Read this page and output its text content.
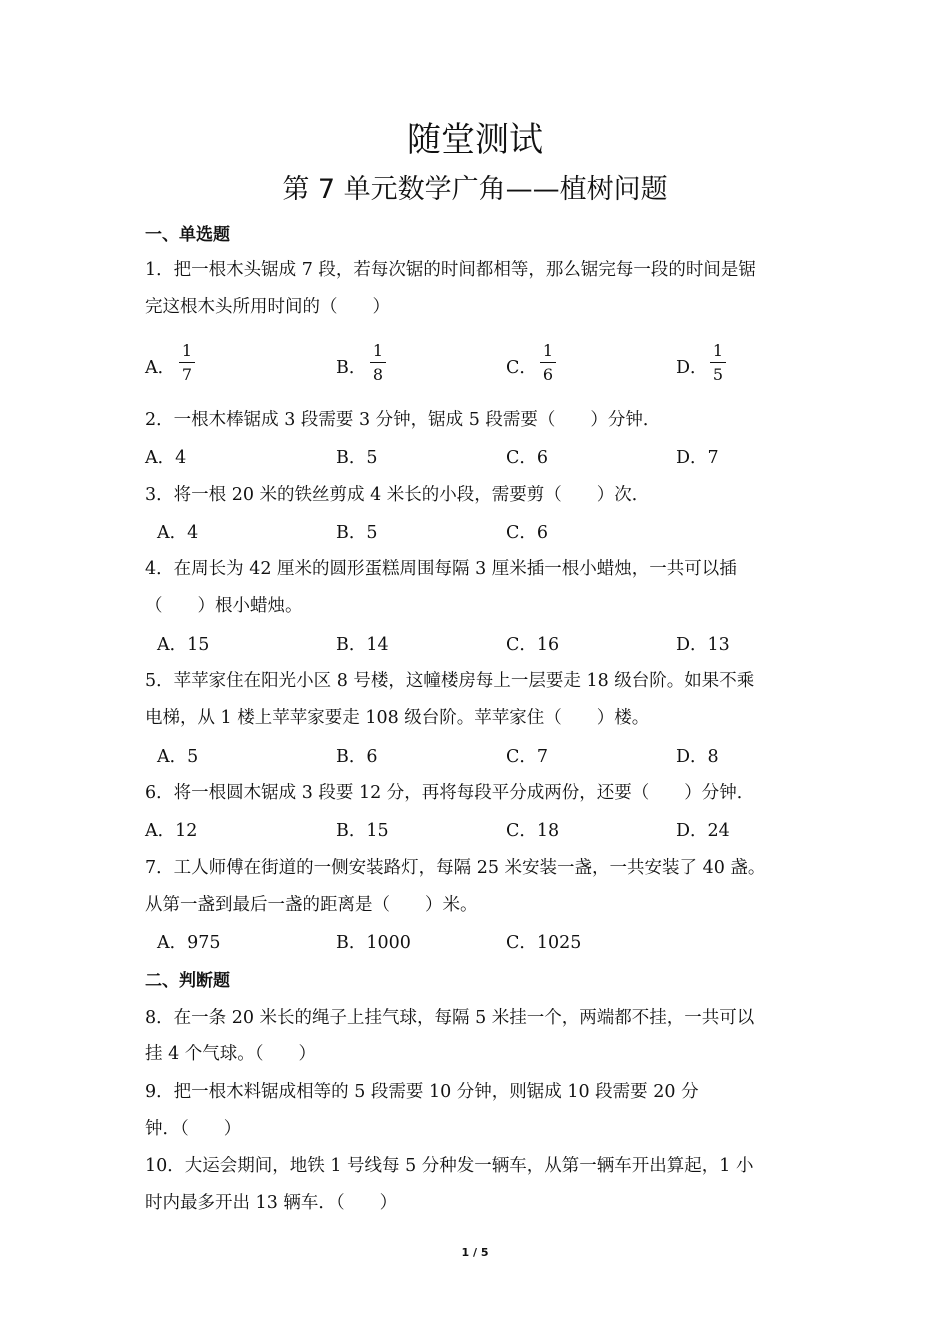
随堂测试
第 7 单元数学广角——植树问题
一、单选题
1．把一根木头锯成 7 段，若每次锯的时间都相等，那么锯完每一段的时间是锯
完这根木头所用时间的（　　）
A．
1
7	B．
1
8	C．
1
6	D．
1
5
2．一根木棒锯成 3 段需要 3 分钟，锯成 5 段需要（　　）分钟．
A．4	B．5	C．6	D．7
3．将一根 20 米的铁丝剪成 4 米长的小段，需要剪（　　）次．
A．4	B．5	C．6
4．在周长为 42 厘米的圆形蛋糕周围每隔 3 厘米插一根小蜡烛，一共可以插
（　　）根小蜡烛。
A．15	B．14	C．16	D．13
5．苹苹家住在阳光小区 8 号楼，这幢楼房每上一层要走 18 级台阶。如果不乘
电梯，从 1 楼上苹苹家要走 108 级台阶。苹苹家住（　　）楼。
A．5	B．6	C．7	D．8
6．将一根圆木锯成 3 段要 12 分，再将每段平分成两份，还要（　　）分钟．
A．12	B．15	C．18	D．24
7．工人师傅在街道的一侧安装路灯，每隔 25 米安装一盏，一共安装了 40 盏。
从第一盏到最后一盏的距离是（　　）米。
A．975	B．1000	C．1025
二、判断题
8．在一条 20 米长的绳子上挂气球，每隔 5 米挂一个，两端都不挂，一共可以
挂 4 个气球。（　　）
9．把一根木料锯成相等的 5 段需要 10 分钟，则锯成 10 段需要 20 分
钟．（　　）
10．大运会期间，地铁 1 号线每 5 分种发一辆车，从第一辆车开出算起，1 小
时内最多开出 13 辆车．（　　）
1 / 5
